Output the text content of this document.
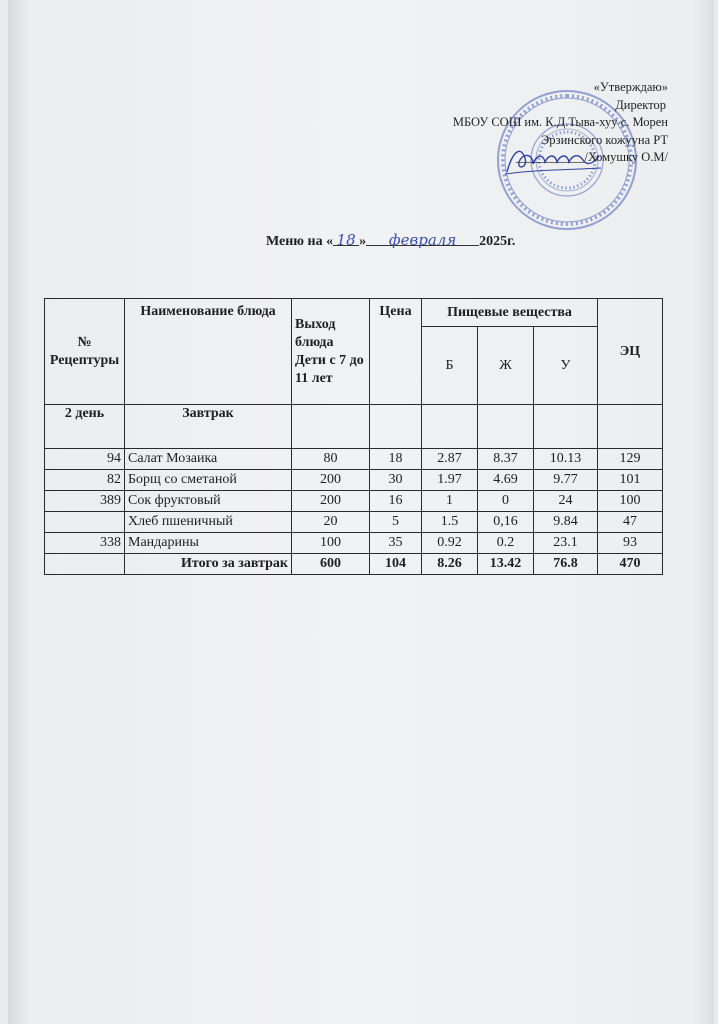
«Утверждаю»
Директор
МБОУ СОШ им. К.Д.Тыва-хуу с. Морен
Эрзинского кожууна РТ
___________/Хомушку О.М/
Меню на « 18 » февраля 2025г.
№ Рецептуры	Наименование блюда	Выход блюда Дети с 7 до 11 лет	Цена	Пищевые вещества			ЭЦ
				Б	Ж	У	
2 день	Завтрак						
94	Салат Мозаика	80	18	2.87	8.37	10.13	129
82	Борщ со сметаной	200	30	1.97	4.69	9.77	101
389	Сок фруктовый	200	16	1	0	24	100
	Хлеб пшеничный	20	5	1.5	0,16	9.84	47
338	Мандарины	100	35	0.92	0.2	23.1	93
	Итого за завтрак	600	104	8.26	13.42	76.8	470
